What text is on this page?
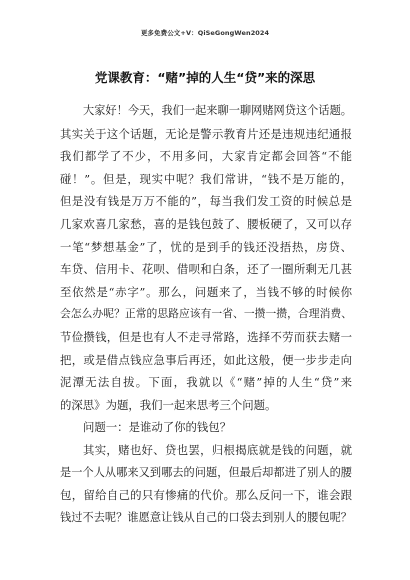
更多免费公文+V：QiSeGongWen2024
党课教育：“赌”掉的人生“贷”来的深思
大家好！今天，我们一起来聊一聊网赌网贷这个话题。
其实关于这个话题，无论是警示教育片还是违规违纪通报
我们都学了不少，不用多问，大家肯定都会回答“不能
碰！”。但是，现实中呢？我们常讲，“钱不是万能的，
但是没有钱是万万不能的”，每当我们发工资的时候总是
几家欢喜几家愁，喜的是钱包鼓了、腰板硬了，又可以存
一笔“梦想基金”了，忧的是到手的钱还没捂热，房贷、
车贷、信用卡、花呗、借呗和白条，还了一圈所剩无几甚
至依然是“赤字”。那么，问题来了，当钱不够的时候你
会怎么办呢？正常的思路应该有一省、一攒一攒，合理消费、
节俭攒钱，但是也有人不走寻常路，选择不劳而获去赌一
把，或是借点钱应急事后再还，如此这般，便一步步走向
泥潭无法自拔。下面，我就以《“赌”掉的人生“贷”来
的深思》为题，我们一起来思考三个问题。
问题一：是谁动了你的钱包？
其实，赌也好、贷也罢，归根揭底就是钱的问题，就
是一个人从哪来又到哪去的问题，但最后却都进了别人的腰
包，留给自己的只有惨痛的代价。那么反问一下，谁会跟
钱过不去呢？谁愿意让钱从自己的口袋去到别人的腰包呢？
